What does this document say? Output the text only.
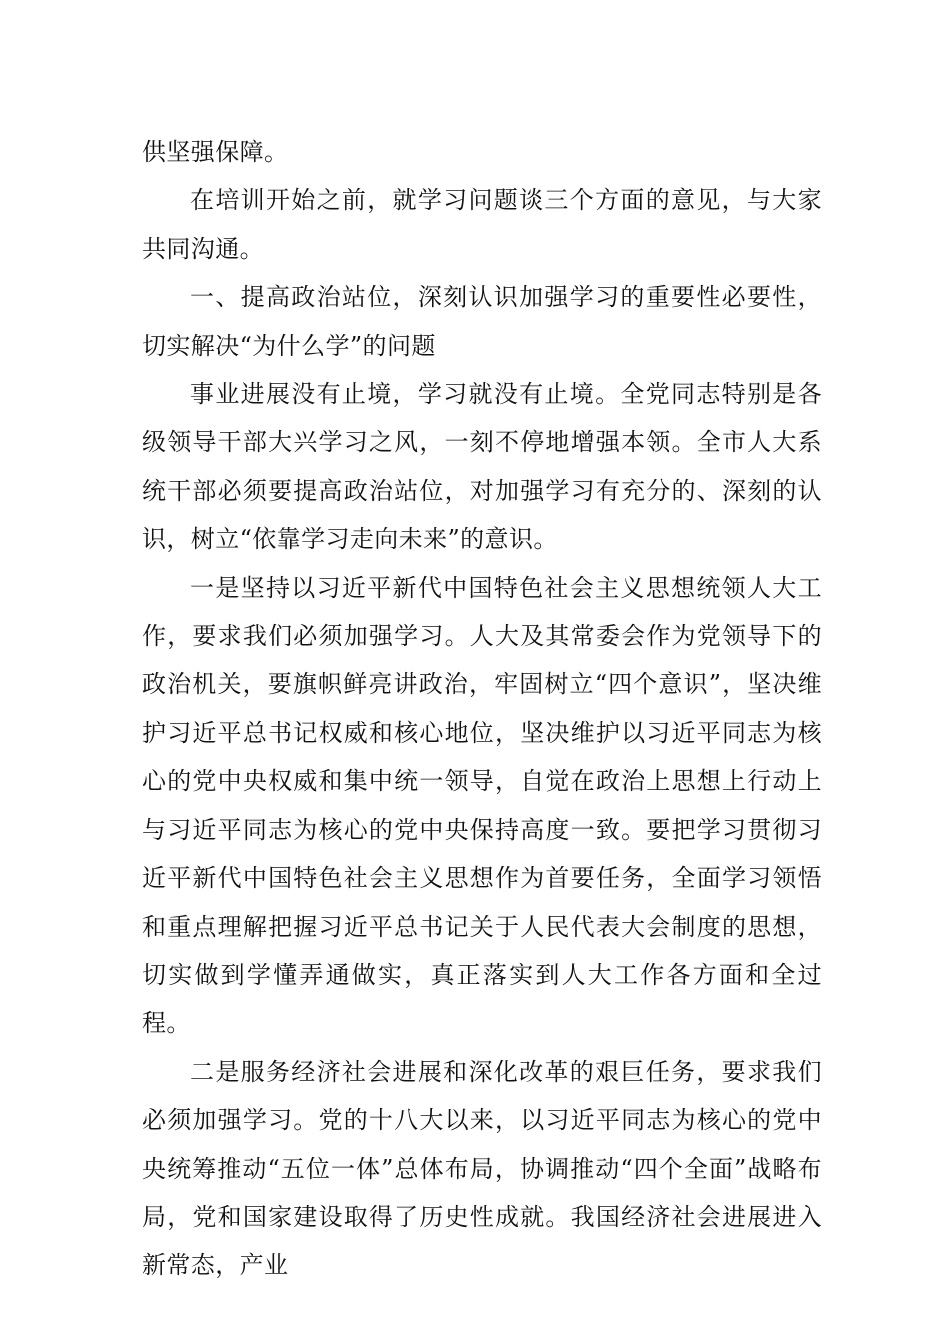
供坚强保障。

在培训开始之前，就学习问题谈三个方面的意见，与大家共同沟通。

一、提高政治站位，深刻认识加强学习的重要性必要性，切实解决“为什么学”的问题

事业进展没有止境，学习就没有止境。全党同志特别是各级领导干部大兴学习之风，一刻不停地增强本领。全市人大系统干部必须要提高政治站位，对加强学习有充分的、深刻的认识，树立“依靠学习走向未来”的意识。

一是坚持以习近平新代中国特色社会主义思想统领人大工作，要求我们必须加强学习。人大及其常委会作为党领导下的政治机关，要旗帜鲜亮讲政治，牢固树立“四个意识”，坚决维护习近平总书记权威和核心地位，坚决维护以习近平同志为核心的党中央权威和集中统一领导，自觉在政治上思想上行动上与习近平同志为核心的党中央保持高度一致。要把学习贯彻习近平新代中国特色社会主义思想作为首要任务，全面学习领悟和重点理解把握习近平总书记关于人民代表大会制度的思想，切实做到学懂弄通做实，真正落实到人大工作各方面和全过程。

二是服务经济社会进展和深化改革的艰巨任务，要求我们必须加强学习。党的十八大以来，以习近平同志为核心的党中央统筹推动“五位一体”总体布局，协调推动“四个全面”战略布局，党和国家建设取得了历史性成就。我国经济社会进展进入新常态，产业
